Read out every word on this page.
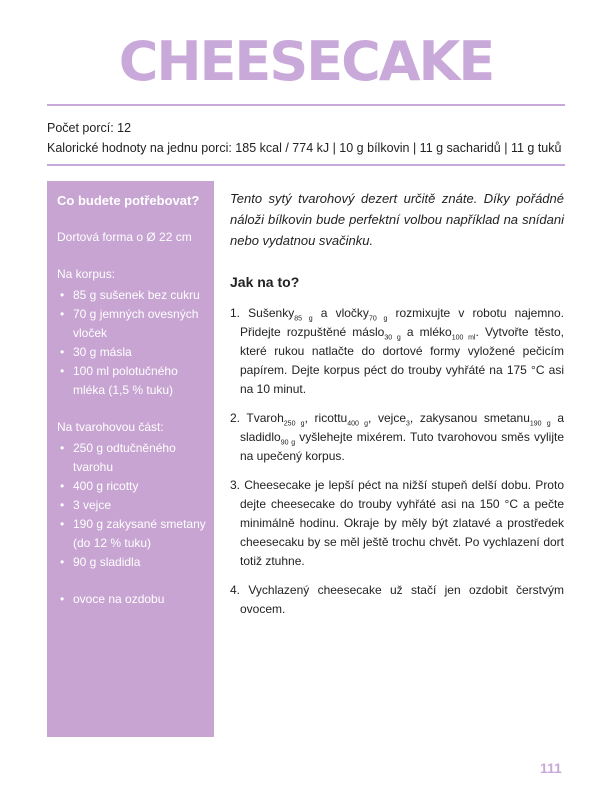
CHEESECAKE
Počet porcí: 12
Kalorické hodnoty na jednu porci: 185 kcal / 774 kJ | 10 g bílkovin | 11 g sacharidů | 11 g tuků
Co budete potřebovat?
Dortová forma o Ø 22 cm
Na korpus:
• 85 g sušenek bez cukru
• 70 g jemných ovesných vloček
• 30 g másla
• 100 ml polotučného mléka (1,5 % tuku)
Na tvarohovou část:
• 250 g odtučněného tvarohu
• 400 g ricotty
• 3 vejce
• 190 g zakysané smetany (do 12 % tuku)
• 90 g sladidla
• ovoce na ozdobu

Tento sytý tvarohový dezert určitě znáte. Díky pořádné náloži bílkovin bude perfektní volbou například na snídani nebo vydatnou svačinku.

Jak na to?

1. Sušenky$_{85 g}$ a vločky$_{70 g}$ rozmixujte v robotu najemno. Přidejte rozpuštěné máslo$_{30 g}$ a mléko$_{100 ml}$. Vytvořte těsto, které rukou natlačte do dortové formy vyložené pečicím papírem. Dejte korpus péct do trouby vyhřáté na 175 °C asi na 10 minut.

2. Tvaroh$_{250 g}$, ricottu$_{400 g}$, vejce$_3$, zakysanou smetanu$_{190 g}$ a sladidlo$_{90 g}$ vyšlehejte mixérem. Tuto tvarohovou směs vylijte na upečený korpus.

3. Cheesecake je lepší péct na nižší stupeň delší dobu. Proto dejte cheesecake do trouby vyhřáté asi na 150 °C a pečte minimálně hodinu. Okraje by měly být zlatavé a prostředek cheesecaku by se měl ještě trochu chvět. Po vychlazení dort totiž ztuhne.

4. Vychlazený cheesecake už stačí jen ozdobit čerstvým ovocem.

111
